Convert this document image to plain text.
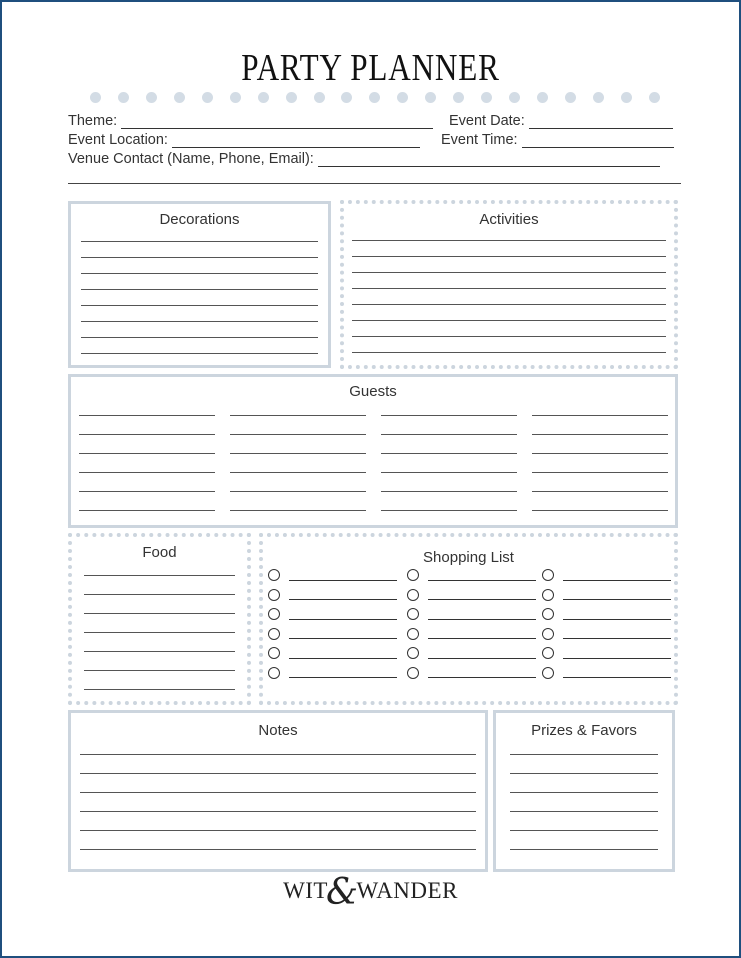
PARTY PLANNER
Theme:	Event Date:
Event Location:	Event Time:
Venue Contact (Name, Phone, Email):
Decorations	Activities
Guests
Food	Shopping List
Notes	Prizes & Favors
WIT&WANDER
